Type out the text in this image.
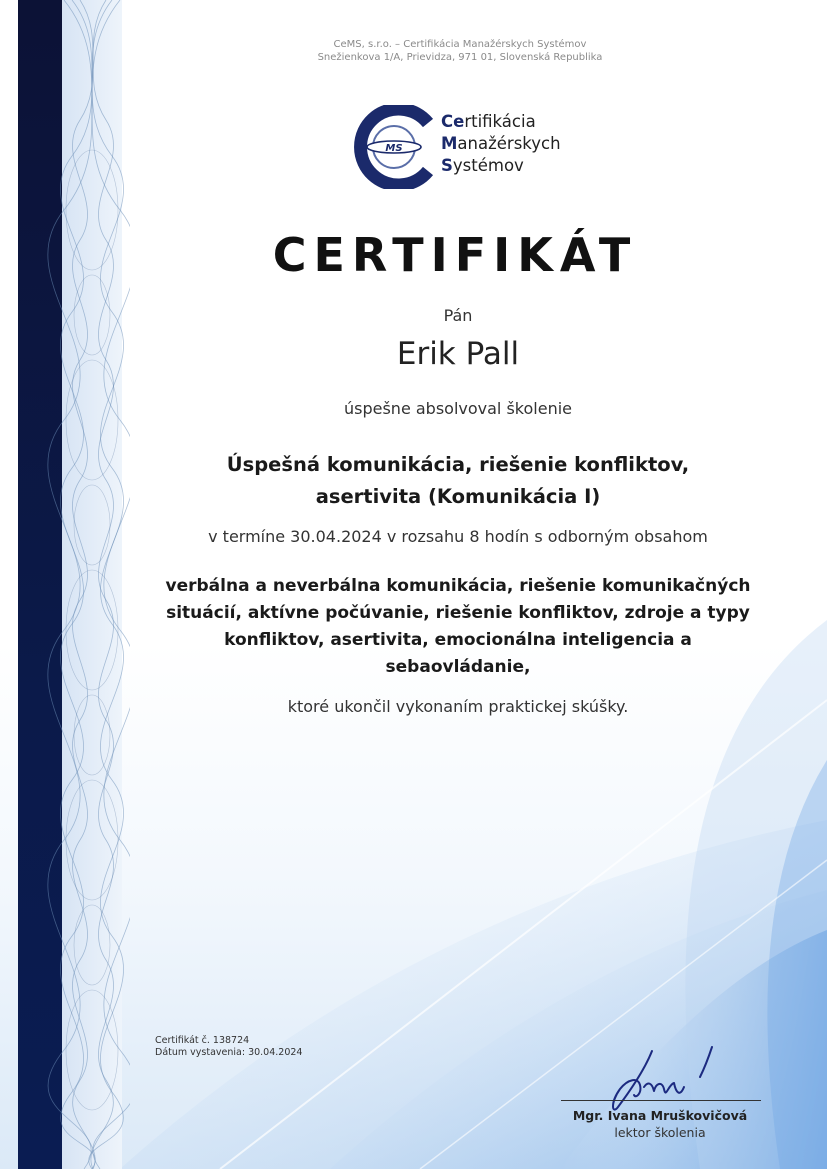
CeMS, s.r.o. – Certifikácia Manažérskych Systémov
Snežienkova 1/A, Prievidza, 971 01, Slovenská Republika
MS
Certifikácia
Manažérskych
Systémov
CERTIFIKÁT
Pán
Erik Pall
úspešne absolvoval školenie
Úspešná komunikácia, riešenie konfliktov,
asertivita (Komunikácia I)
v termíne 30.04.2024 v rozsahu 8 hodín s odborným obsahom
verbálna a neverbálna komunikácia, riešenie komunikačných
situácií, aktívne počúvanie, riešenie konfliktov, zdroje a typy
konfliktov, asertivita, emocionálna inteligencia a
sebaovládanie,
ktoré ukončil vykonaním praktickej skúšky.
Certifikát č. 138724
Dátum vystavenia: 30.04.2024
Mgr. Ivana Mruškovičová
lektor školenia
